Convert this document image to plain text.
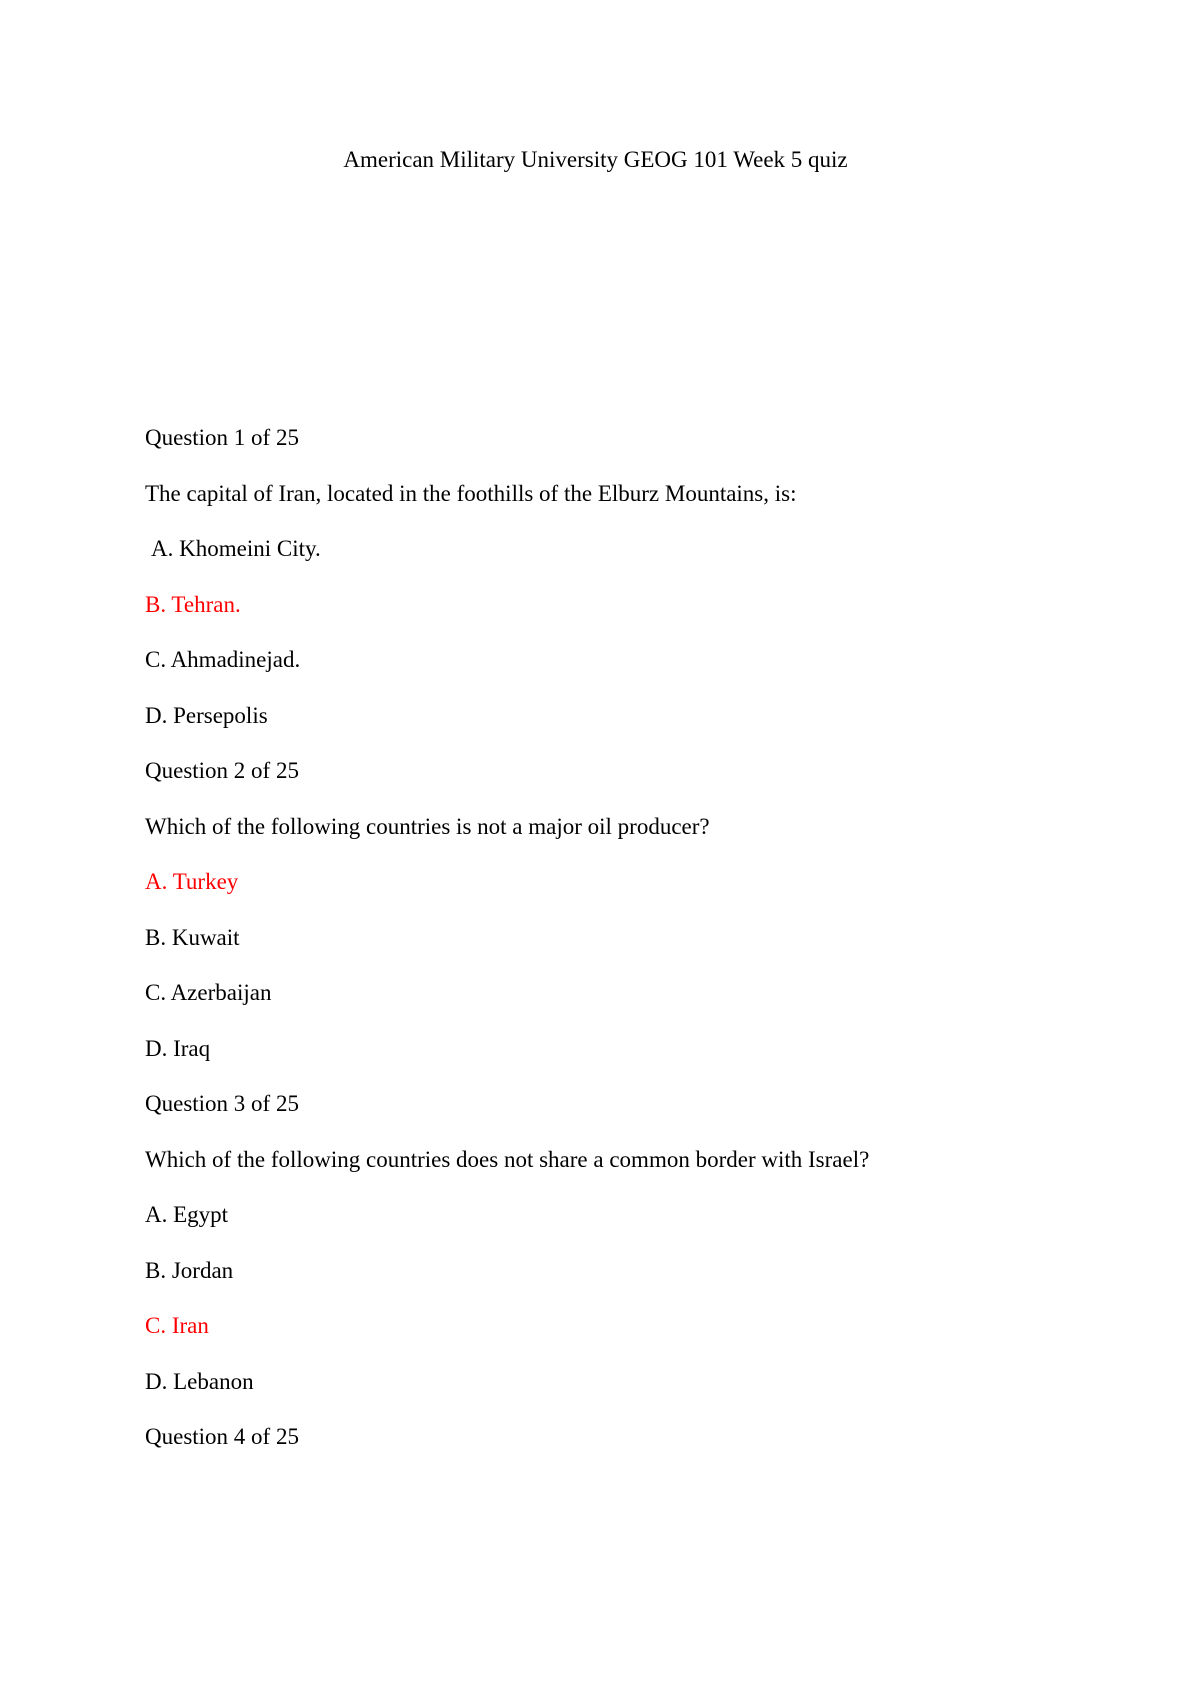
American Military University GEOG 101 Week 5 quiz
Question 1 of 25
The capital of Iran, located in the foothills of the Elburz Mountains, is:
A. Khomeini City.
B. Tehran.
C. Ahmadinejad.
D. Persepolis
Question 2 of 25
Which of the following countries is not a major oil producer?
A. Turkey
B. Kuwait
C. Azerbaijan
D. Iraq
Question 3 of 25
Which of the following countries does not share a common border with Israel?
A. Egypt
B. Jordan
C. Iran
D. Lebanon
Question 4 of 25
